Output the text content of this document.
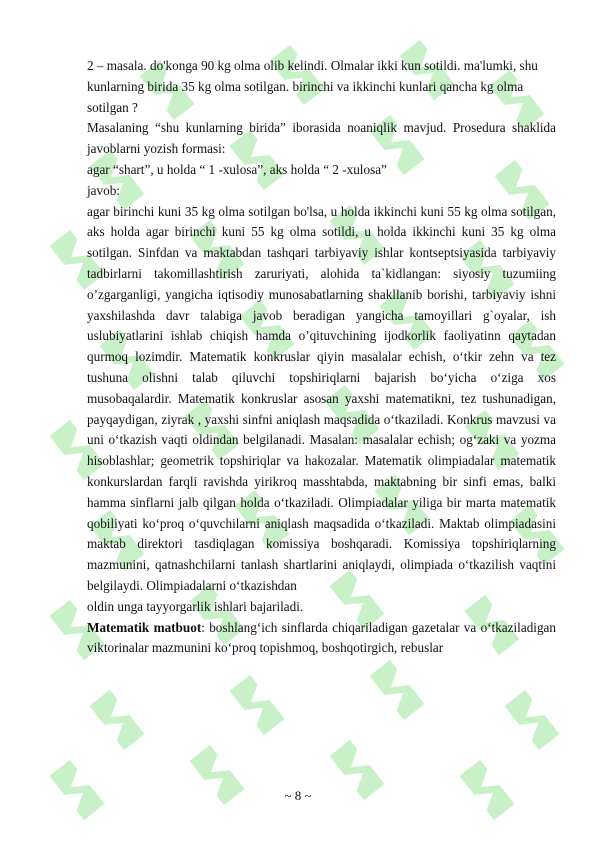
2 – masala. do'konga 90 kg olma olib kelindi. Olmalar ikki kun sotildi. ma'lumki, shu kunlarning birida 35 kg olma sotilgan. birinchi va ikkinchi kunlari qancha kg olma sotilgan ?

Masalaning “shu kunlarning birida” iborasida noaniqlik mavjud. Prosedura shaklida javoblarni yozish formasi:

agar “shart”, u holda “ 1 -xulosa”, aks holda “ 2 -xulosa”

javob:

agar birinchi kuni 35 kg olma sotilgan bo'lsa, u holda ikkinchi kuni 55 kg olma sotilgan, aks holda agar birinchi kuni 55 kg olma sotildi, u holda ikkinchi kuni 35 kg olma sotilgan. Sinfdan va maktabdan tashqari tarbiyaviy ishlar kontseptsiyasida tarbiyaviy tadbirlarni takomillashtirish zaruriyati, alohida ta`kidlangan: siyosiy tuzumiing o’zgarganligi, yangicha iqtisodiy munosabatlarning shakllanib borishi, tarbiyaviy ishni yaxshilashda davr talabiga javob beradigan yangicha tamoyillari g`oyalar, ish uslubiyatlarini ishlab chiqish hamda o’qituvchining ijodkorlik faoliyatinn qaytadan qurmoq lozimdir. Matematik konkruslar qiyin masalalar echish, o‘tkir zehn va tez tushuna olishni talab qiluvchi topshiriqlarni bajarish bo‘yicha o‘ziga xos musobaqalardir. Matematik konkruslar asosan yaxshi matematikni, tez tushunadigan, payqaydigan, ziyrak , yaxshi sinfni aniqlash maqsadida o‘tkaziladi. Konkrus mavzusi va uni o‘tkazish vaqti oldindan belgilanadi. Masalan: masalalar echish; og‘zaki va yozma hisoblashlar; geometrik topshiriqlar va hakozalar. Matematik olimpiadalar matematik konkurslardan farqli ravishda yirikroq masshtabda, maktabning bir sinfi emas, balki hamma sinflarni jalb qilgan holda o‘tkaziladi. Olimpiadalar yiliga bir marta matematik qobiliyati ko‘proq o‘quvchilarni aniqlash maqsadida o‘tkaziladi. Maktab olimpiadasini maktab direktori tasdiqlagan komissiya boshqaradi. Komissiya topshiriqlarning mazmunini, qatnashchilarni tanlash shartlarini aniqlaydi, olimpiada o‘tkazilish vaqtini belgilaydi. Olimpiadalarni o‘tkazishdan

oldin unga tayyorgarlik ishlari bajariladi.

Matematik matbuot: boshlang‘ich sinflarda chiqariladigan gazetalar va o‘tkaziladigan viktorinalar mazmunini ko‘proq topishmoq, boshqotirgich, rebuslar

~ 8 ~
